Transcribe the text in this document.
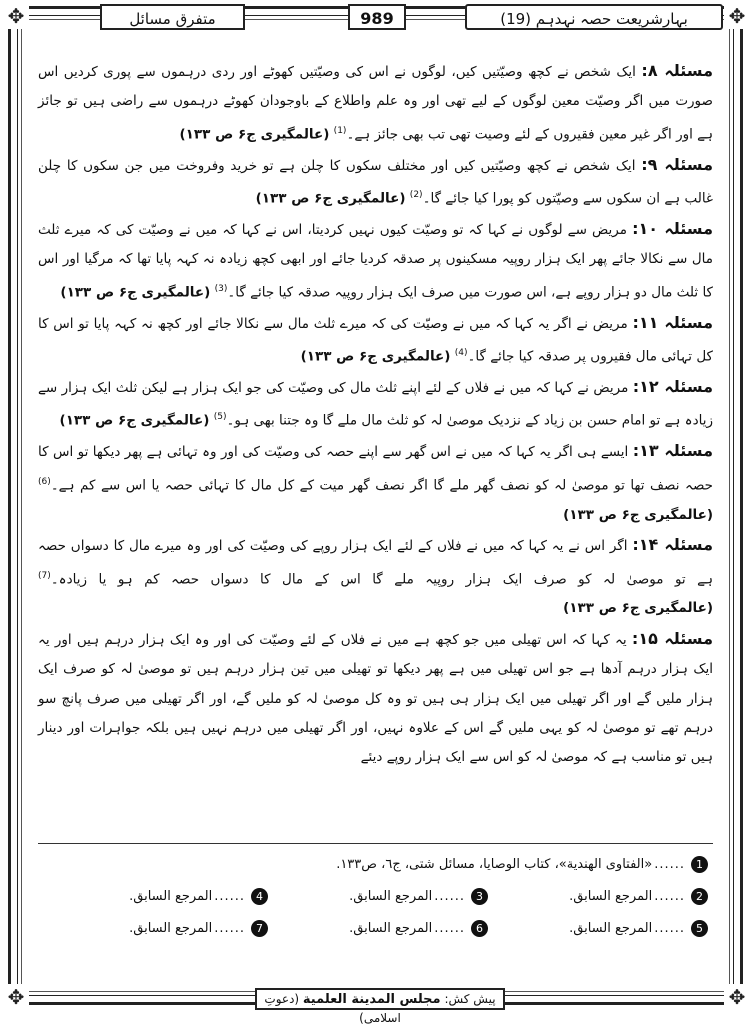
✥	✥
✥	✥
بہارِشریعت حصہ نہدہم (19)
989
متفرق مسائل

مسئلہ ۸: ایک شخص نے کچھ وصیّتیں کیں، لوگوں نے اس کی وصیّتیں کھوٹے اور ردی درہموں سے پوری کردیں اس صورت میں اگر وصیّت معین لوگوں کے لیے تھی اور وہ علم واطلاع کے باوجودان کھوٹے درہموں سے راضی ہیں تو جائز ہے اور اگر غیر معین فقیروں کے لئے وصیت تھی تب بھی جائز ہے۔$^{(1)}$ (عالمگیری ج۶ ص ۱۳۳)

مسئلہ ۹: ایک شخص نے کچھ وصیّتیں کیں اور مختلف سکوں کا چلن ہے تو خرید وفروخت میں جن سکوں کا چلن غالب ہے ان سکوں سے وصیّتوں کو پورا کیا جائے گا۔$^{(2)}$ (عالمگیری ج۶ ص ۱۳۳)

مسئلہ ۱۰: مریض سے لوگوں نے کہا کہ تو وصیّت کیوں نہیں کردیتا، اس نے کہا کہ میں نے وصیّت کی کہ میرے ثلث مال سے نکالا جائے پھر ایک ہزار روپیہ مسکینوں پر صدقہ کردیا جائے اور ابھی کچھ زیادہ نہ کہہ پایا تھا کہ مرگیا اور اس کا ثلث مال دو ہزار روپے ہے، اس صورت میں صرف ایک ہزار روپیہ صدقہ کیا جائے گا۔$^{(3)}$ (عالمگیری ج۶ ص ۱۳۳)

مسئلہ ۱۱: مریض نے اگر یہ کہا کہ میں نے وصیّت کی کہ میرے ثلث مال سے نکالا جائے اور کچھ نہ کہہ پایا تو اس کا کل تہائی مال فقیروں پر صدقہ کیا جائے گا۔$^{(4)}$ (عالمگیری ج۶ ص ۱۳۳)

مسئلہ ۱۲: مریض نے کہا کہ میں نے فلاں کے لئے اپنے ثلث مال کی وصیّت کی جو ایک ہزار ہے لیکن ثلث ایک ہزار سے زیادہ ہے تو امام حسن بن زیاد کے نزدیک موصیٰ لہ کو ثلث مال ملے گا وہ جتنا بھی ہو۔$^{(5)}$ (عالمگیری ج۶ ص ۱۳۳)

مسئلہ ۱۳: ایسے ہی اگر یہ کہا کہ میں نے اس گھر سے اپنے حصہ کی وصیّت کی اور وہ تہائی ہے پھر دیکھا تو اس کا حصہ نصف تھا تو موصیٰ لہ کو نصف گھر ملے گا اگر نصف گھر میت کے کل مال کا تہائی حصہ یا اس سے کم ہے۔$^{(6)}$ (عالمگیری ج۶ ص ۱۳۳)

مسئلہ ۱۴: اگر اس نے یہ کہا کہ میں نے فلاں کے لئے ایک ہزار روپے کی وصیّت کی اور وہ میرے مال کا دسواں حصہ ہے تو موصیٰ لہ کو صرف ایک ہزار روپیہ ملے گا اس کے مال کا دسواں حصہ کم ہو یا زیادہ۔$^{(7)}$ (عالمگیری ج۶ ص ۱۳۳)

مسئلہ ۱۵: یہ کہا کہ اس تھیلی میں جو کچھ ہے میں نے فلاں کے لئے وصیّت کی اور وہ ایک ہزار درہم ہیں اور یہ ایک ہزار درہم آدھا ہے جو اس تھیلی میں ہے پھر دیکھا تو تھیلی میں تین ہزار درہم ہیں تو موصیٰ لہ کو صرف ایک ہزار ملیں گے اور اگر تھیلی میں ایک ہزار ہی ہیں تو وہ کل موصیٰ لہ کو ملیں گے، اور اگر تھیلی میں صرف پانچ سو درہم تھے تو موصیٰ لہ کو یہی ملیں گے اس کے علاوہ نہیں، اور اگر تھیلی میں درہم نہیں ہیں بلکہ جواہرات اور دینار ہیں تو مناسب ہے کہ موصیٰ لہ کو اس سے ایک ہزار روپے دیئے

1
......
«الفتاوى الهندية»، كتاب الوصايا، مسائل شتى، ج٦، ص١٣٣.
2
......
المرجع السابق.
3
......
المرجع السابق.
4
......
المرجع السابق.
5
......
المرجع السابق.
6
......
المرجع السابق.
7
......
المرجع السابق.
پیش کش: مجلس المدينة العلمية (دعوتِ اسلامی)
